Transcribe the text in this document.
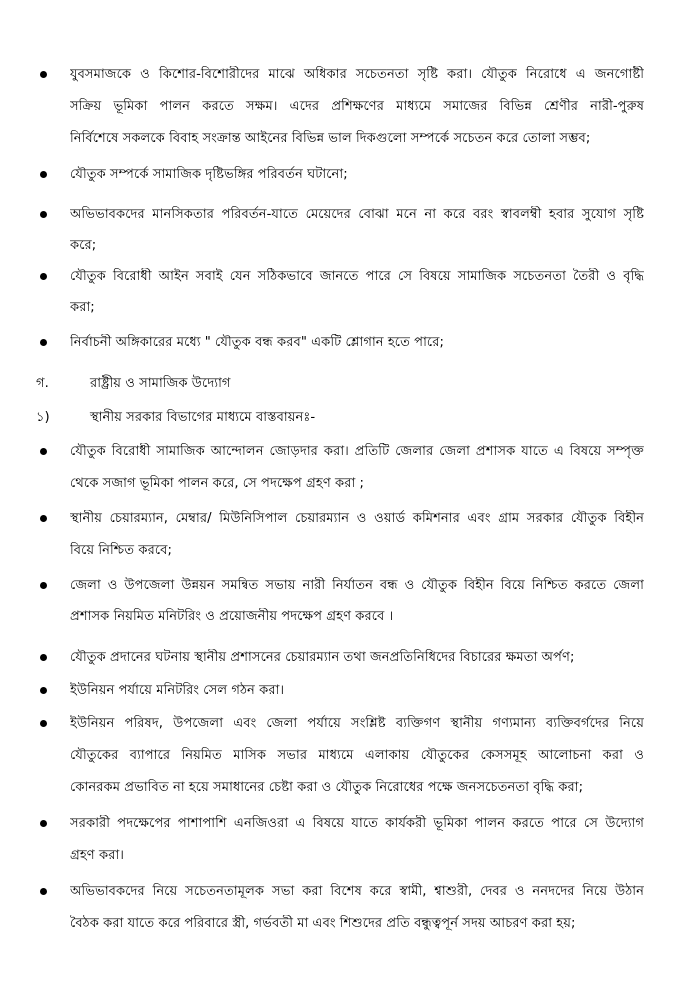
যুবসমাজকে ও কিশোর-বিশোরীদের মাঝে অধিকার সচেতনতা সৃষ্টি করা। যৌতুক নিরোধে এ জনগোষ্টী
সক্রিয় ভূমিকা পালন করতে সক্ষম। এদের প্রশিক্ষণের মাধ্যমে সমাজের বিভিন্ন শ্রেণীর নারী-পুরুষ
নির্বিশেষে সকলকে বিবাহ সংক্রান্ত আইনের বিভিন্ন ভাল দিকগুলো সম্পর্কে সচেতন করে তোলা সম্ভব;
যৌতুক সম্পর্কে সামাজিক দৃষ্টিভঙ্গির পরিবর্তন ঘটানো;
অভিভাবকদের মানসিকতার পরিবর্তন-যাতে মেয়েদের বোঝা মনে না করে বরং স্বাবলম্বী হবার সুযোগ সৃষ্টি
করে;
যৌতুক বিরোধী আইন সবাই যেন সঠিকভাবে জানতে পারে সে বিষয়ে সামাজিক সচেতনতা তৈরী ও বৃদ্ধি
করা;
নির্বাচনী অঙ্গিকারের মধ্যে " যৌতুক বন্ধ করব" একটি শ্লোগান হতে পারে;
গ.	রাষ্ট্রীয় ও সামাজিক উদ্যোগ
১)	স্থানীয় সরকার বিভাগের মাধ্যমে বাস্তবায়নঃ-
যৌতুক বিরোধী সামাজিক আন্দোলন জোড়দার করা। প্রতিটি জেলার জেলা প্রশাসক যাতে এ বিষয়ে সম্পৃক্ত
থেকে সজাগ ভূমিকা পালন করে, সে পদক্ষেপ গ্রহণ করা ;
স্থানীয় চেয়ারম্যান, মেম্বার/ মিউনিসিপাল চেয়ারম্যান ও ওয়ার্ড কমিশনার এবং গ্রাম সরকার যৌতুক বিহীন
বিয়ে নিশ্চিত করবে;
জেলা ও উপজেলা উন্নয়ন সমন্বিত সভায় নারী নির্যাতন বন্ধ ও যৌতুক বিহীন বিয়ে নিশ্চিত করতে জেলা
প্রশাসক নিয়মিত মনিটরিং ও প্রয়োজনীয় পদক্ষেপ গ্রহণ করবে ।
যৌতুক প্রদানের ঘটনায় স্থানীয় প্রশাসনের চেয়ারম্যান তথা জনপ্রতিনিধিদের বিচারের ক্ষমতা অর্পণ;
ইউনিয়ন পর্যায়ে মনিটরিং সেল গঠন করা।
ইউনিয়ন পরিষদ, উপজেলা এবং জেলা পর্যায়ে সংশ্লিষ্ট ব্যক্তিগণ স্থানীয় গণ্যমান্য ব্যক্তিবর্গদের নিয়ে
যৌতুকের ব্যাপারে নিয়মিত মাসিক সভার মাধ্যমে এলাকায় যৌতুকের কেসসমূহ আলোচনা করা ও
কোনরকম প্রভাবিত না হয়ে সমাধানের চেষ্টা করা ও যৌতুক নিরোধের পক্ষে জনসচেতনতা বৃদ্ধি করা;
সরকারী পদক্ষেপের পাশাপাশি এনজিওরা এ বিষয়ে যাতে কার্যকরী ভূমিকা পালন করতে পারে সে উদ্যোগ
গ্রহণ করা।
অভিভাবকদের নিয়ে সচেতনতামূলক সভা করা বিশেষ করে স্বামী, শ্বাশুরী, দেবর ও ননদদের নিয়ে উঠান
বৈঠক করা যাতে করে পরিবারে স্ত্রী, গর্ভবতী মা এবং শিশুদের প্রতি বন্ধুত্বপূর্ন সদয় আচরণ করা হয়;
